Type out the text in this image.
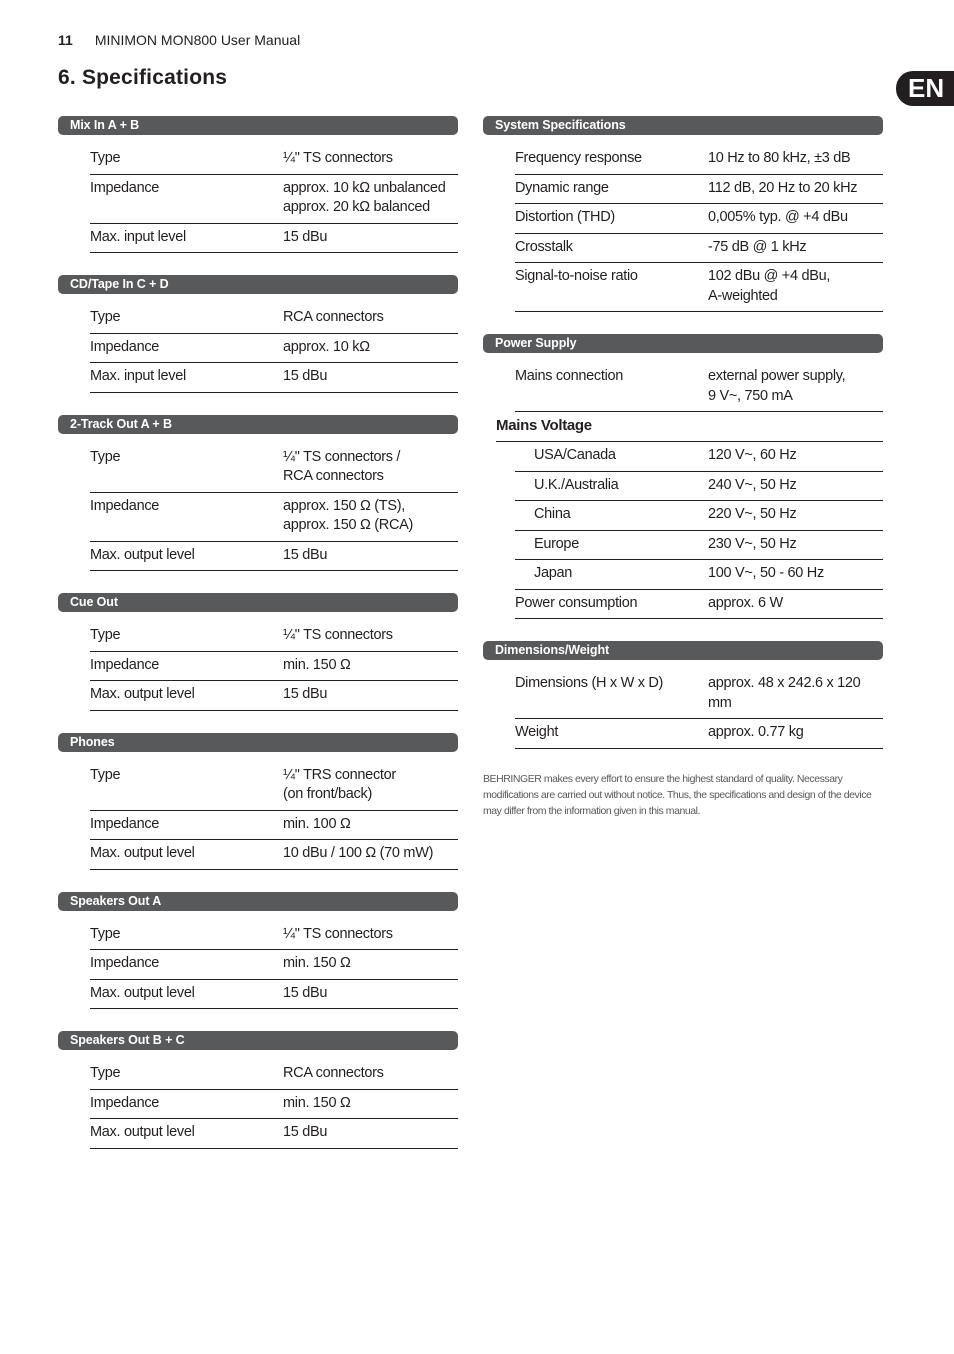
11 MINIMON MON800 User Manual
6. Specifications	EN
Mix In A + B
Type	¼" TS connectors
Impedance	approx. 10 kΩ unbalanced
approx. 20 kΩ balanced
Max. input level	15 dBu
CD/Tape In C + D
Type	RCA connectors
Impedance	approx. 10 kΩ
Max. input level	15 dBu
2-Track Out A + B
Type	¼" TS connectors /
RCA connectors
Impedance	approx. 150 Ω (TS),
approx. 150 Ω (RCA)
Max. output level	15 dBu
Cue Out
Type	¼" TS connectors
Impedance	min. 150 Ω
Max. output level	15 dBu
Phones
Type	¼" TRS connector
(on front/back)
Impedance	min. 100 Ω
Max. output level	10 dBu / 100 Ω (70 mW)
Speakers Out A
Type	¼" TS connectors
Impedance	min. 150 Ω
Max. output level	15 dBu
Speakers Out B + C
Type	RCA connectors
Impedance	min. 150 Ω
Max. output level	15 dBu
System Specifications
Frequency response	10 Hz to 80 kHz, ±3 dB
Dynamic range	112 dB, 20 Hz to 20 kHz
Distortion (THD)	0,005% typ. @ +4 dBu
Crosstalk	-75 dB @ 1 kHz
Signal-to-noise ratio	102 dBu @ +4 dBu,
A-weighted
Power Supply
Mains connection	external power supply,
9 V~, 750 mA
Mains Voltage
USA/Canada	120 V~, 60 Hz
U.K./Australia	240 V~, 50 Hz
China	220 V~, 50 Hz
Europe	230 V~, 50 Hz
Japan	100 V~, 50 - 60 Hz
Power consumption	approx. 6 W
Dimensions/Weight
Dimensions (H x W x D)	approx. 48 x 242.6 x 120 mm
Weight	approx. 0.77 kg
BEHRINGER makes every effort to ensure the highest standard of quality. Necessary modifications are carried out without notice. Thus, the specifications and design of the device may differ from the information given in this manual.
